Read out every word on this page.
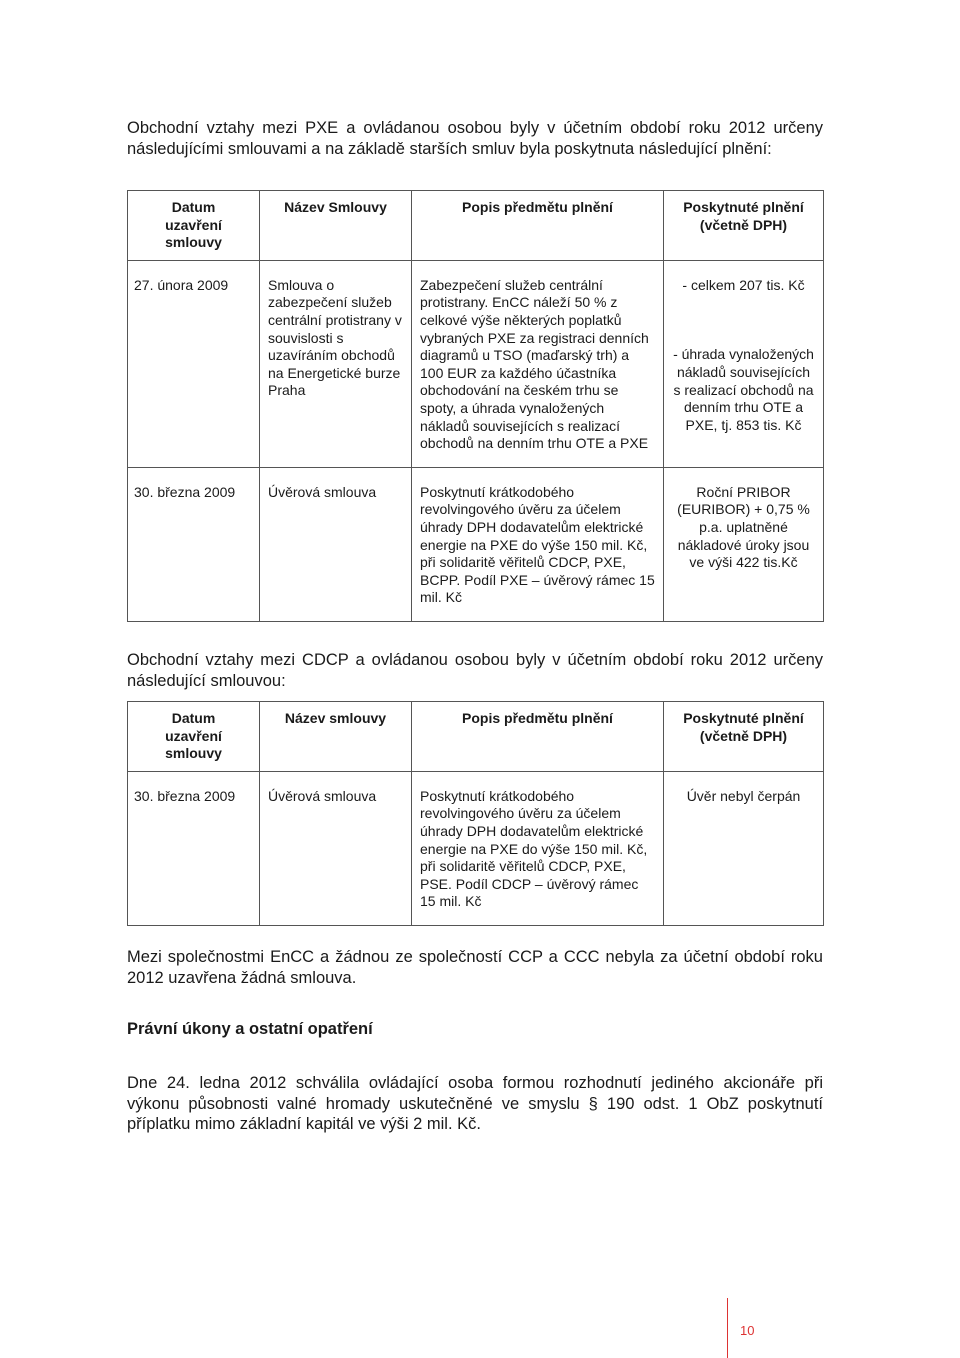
Obchodní vztahy mezi PXE a ovládanou osobou byly v účetním období roku 2012 určeny následujícími smlouvami a na základě starších smluv byla poskytnuta následující plnění:

Datum
uzavření
smlouvy	Název Smlouvy	Popis předmětu plnění	Poskytnuté plnění
(včetně DPH)

27. února 2009	Smlouva o zabezpečení služeb centrální protistrany v souvislosti s uzavíráním obchodů na Energetické burze Praha	Zabezpečení služeb centrální protistrany. EnCC náleží 50 % z celkové výše některých poplatků vybraných PXE za registraci denních diagramů u TSO (maďarský trh) a 100 EUR za každého účastníka obchodování na českém trhu se spoty, a úhrada vynaložených nákladů souvisejících s realizací obchodů na denním trhu OTE a PXE	- celkem 207 tis. Kč
- úhrada vynaložených nákladů souvisejících s realizací obchodů na denním trhu OTE a PXE, tj. 853 tis. Kč

30. března 2009	Úvěrová smlouva	Poskytnutí krátkodobého revolvingového úvěru za účelem úhrady DPH dodavatelům elektrické energie na PXE do výše 150 mil. Kč, při solidaritě věřitelů CDCP, PXE, BCPP. Podíl PXE – úvěrový rámec 15 mil. Kč	Roční PRIBOR (EURIBOR) + 0,75 % p.a. uplatněné nákladové úroky jsou ve výši 422 tis.Kč

Obchodní vztahy mezi CDCP a ovládanou osobou byly v účetním období roku 2012 určeny následující smlouvou:

Datum
uzavření
smlouvy	Název smlouvy	Popis předmětu plnění	Poskytnuté plnění
(včetně DPH)

30. března 2009	Úvěrová smlouva	Poskytnutí krátkodobého revolvingového úvěru za účelem úhrady DPH dodavatelům elektrické energie na PXE do výše 150 mil. Kč, při solidaritě věřitelů CDCP, PXE, PSE. Podíl CDCP – úvěrový rámec 15 mil. Kč	Úvěr nebyl čerpán

Mezi společnostmi EnCC a žádnou ze společností CCP a CCC nebyla za účetní období roku 2012 uzavřena žádná smlouva.

Právní úkony a ostatní opatření

Dne 24. ledna 2012 schválila ovládající osoba formou rozhodnutí jediného akcionáře při výkonu působnosti valné hromady uskutečněné ve smyslu § 190 odst. 1 ObZ poskytnutí příplatku mimo základní kapitál ve výši 2 mil. Kč.

10
